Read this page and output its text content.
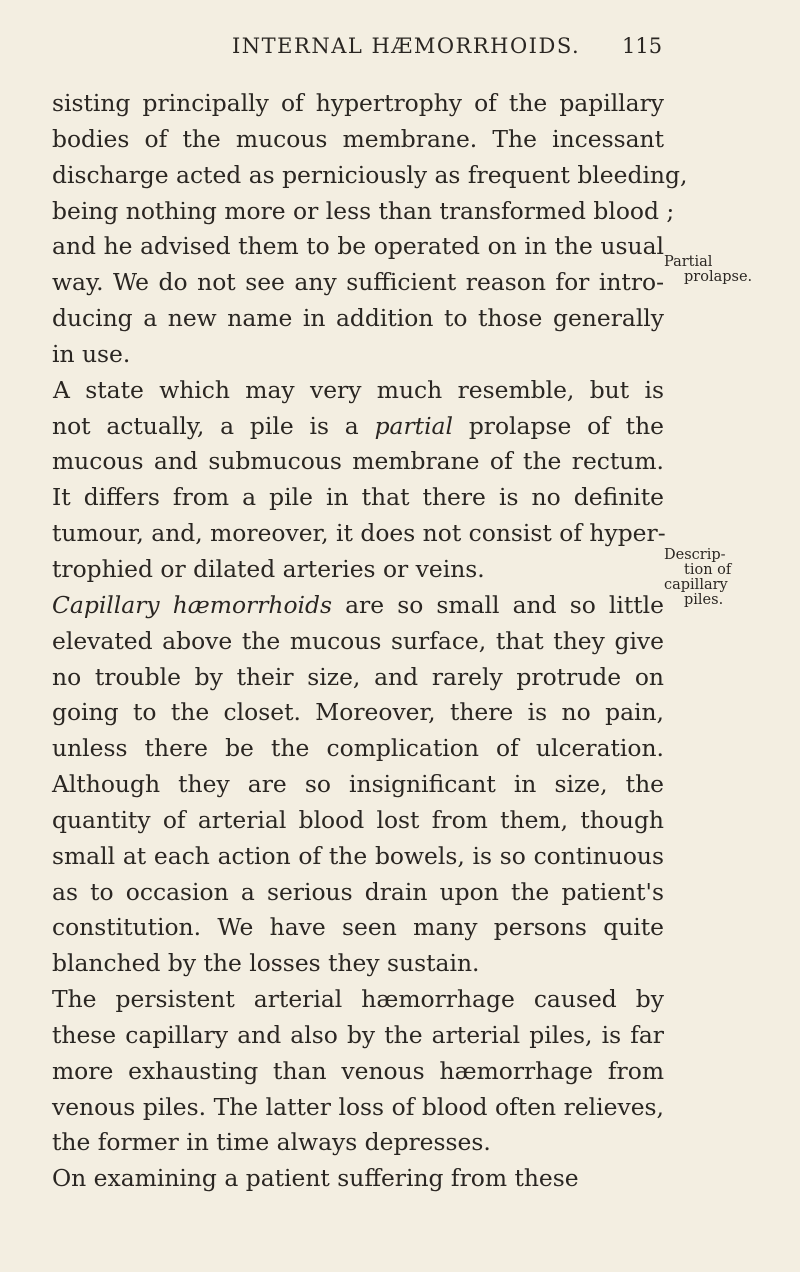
INTERNAL HÆMORRHOIDS. 115
sisting principally of hypertrophy of the papillary
bodies of the mucous membrane. The incessant
discharge acted as perniciously as frequent bleeding,
being nothing more or less than transformed blood ;
and he advised them to be operated on in the usual
way. We do not see any sufficient reason for intro-
ducing a new name in addition to those generally
in use.
A state which may very much resemble, but is
not actually, a pile is a partial prolapse of the
mucous and submucous membrane of the rectum.
It differs from a pile in that there is no definite
tumour, and, moreover, it does not consist of hyper-
trophied or dilated arteries or veins.
Capillary hæmorrhoids are so small and so little
elevated above the mucous surface, that they give
no trouble by their size, and rarely protrude on
going to the closet. Moreover, there is no pain,
unless there be the complication of ulceration.
Although they are so insignificant in size, the
quantity of arterial blood lost from them, though
small at each action of the bowels, is so continuous
as to occasion a serious drain upon the patient's
constitution. We have seen many persons quite
blanched by the losses they sustain.
The persistent arterial hæmorrhage caused by
these capillary and also by the arterial piles, is far
more exhausting than venous hæmorrhage from
venous piles. The latter loss of blood often relieves,
the former in time always depresses.
On examining a patient suffering from these
Partial
prolapse.
Descrip-
tion of
capillary
piles.
